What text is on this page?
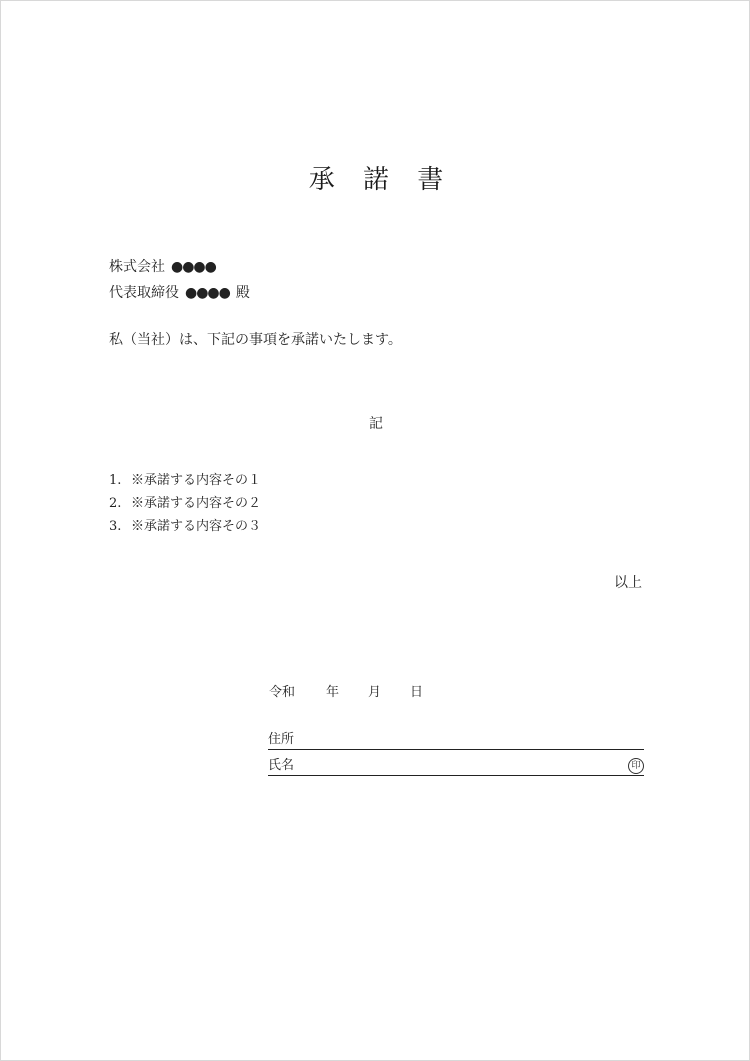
承 諾 書
株式会社 ●●●●
代表取締役 ●●●● 殿
私（当社）は、下記の事項を承諾いたします。
記
1. ※承諾する内容その１
2. ※承諾する内容その２
3. ※承諾する内容その３
以上
令和	年	月	日
住所
氏名	印
